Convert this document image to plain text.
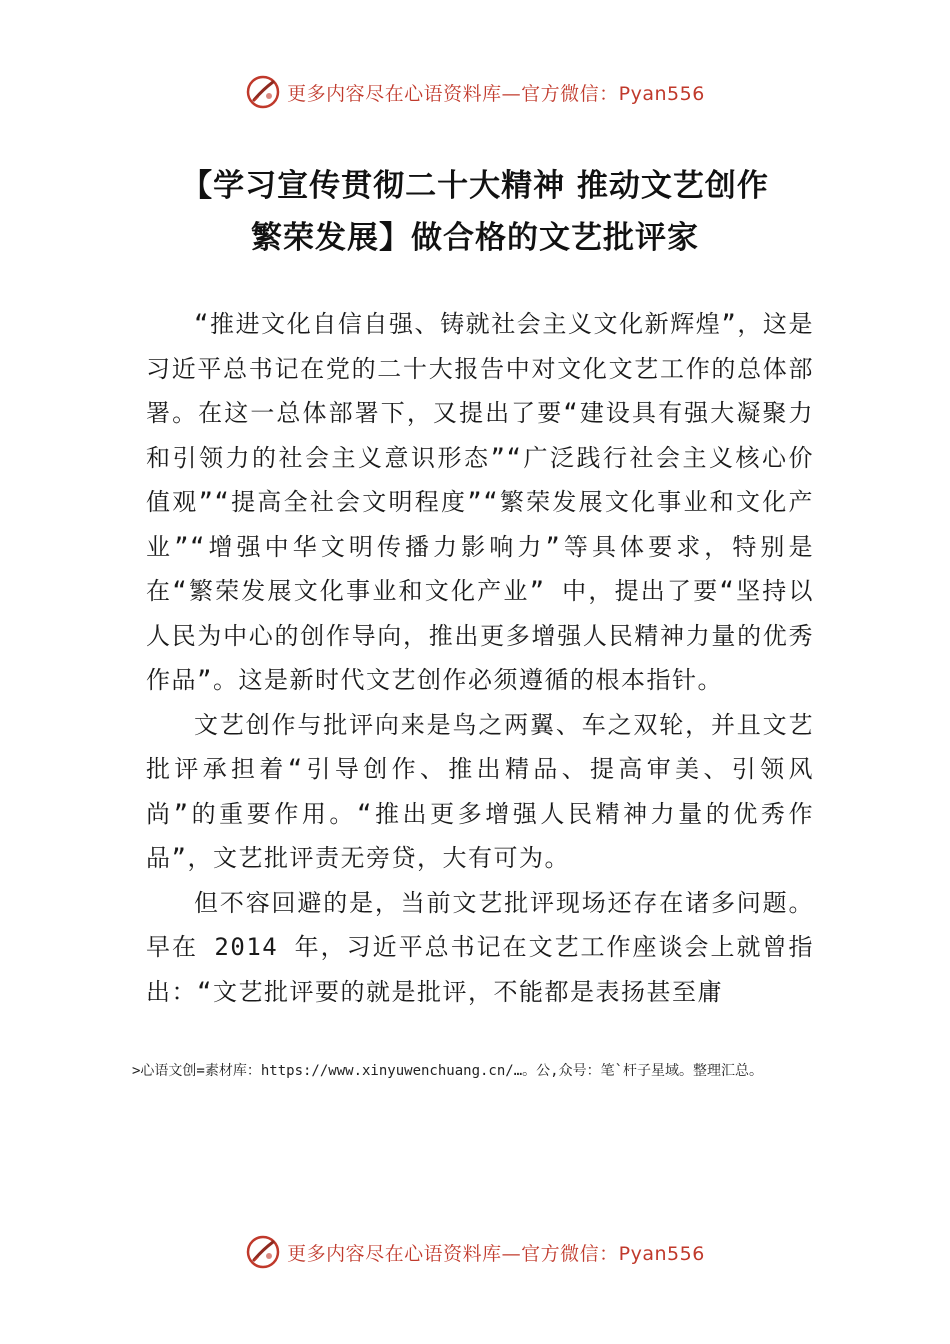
更多内容尽在心语资料库—官方微信：Pyan556
【学习宣传贯彻二十大精神 推动文艺创作
繁荣发展】做合格的文艺批评家

“推进文化自信自强、铸就社会主义文化新辉煌”，这是习近平总书记在党的二十大报告中对文化文艺工作的总体部署。在这一总体部署下，又提出了要“建设具有强大凝聚力和引领力的社会主义意识形态”“广泛践行社会主义核心价值观”“提高全社会文明程度”“繁荣发展文化事业和文化产业”“增强中华文明传播力影响力”等具体要求，特别是在“繁荣发展文化事业和文化产业” 中，提出了要“坚持以人民为中心的创作导向，推出更多增强人民精神力量的优秀作品”。这是新时代文艺创作必须遵循的根本指针。

文艺创作与批评向来是鸟之两翼、车之双轮，并且文艺批评承担着“引导创作、推出精品、提高审美、引领风尚”的重要作用。“推出更多增强人民精神力量的优秀作品”，文艺批评责无旁贷，大有可为。

但不容回避的是，当前文艺批评现场还存在诸多问题。早在 2014 年，习近平总书记在文艺工作座谈会上就曾指出：“文艺批评要的就是批评，不能都是表扬甚至庸

>心语文创=素材库：https://www.xinyuwenchuang.cn/…。公,众号：笔`杆子星域。整理汇总。
更多内容尽在心语资料库—官方微信：Pyan556
